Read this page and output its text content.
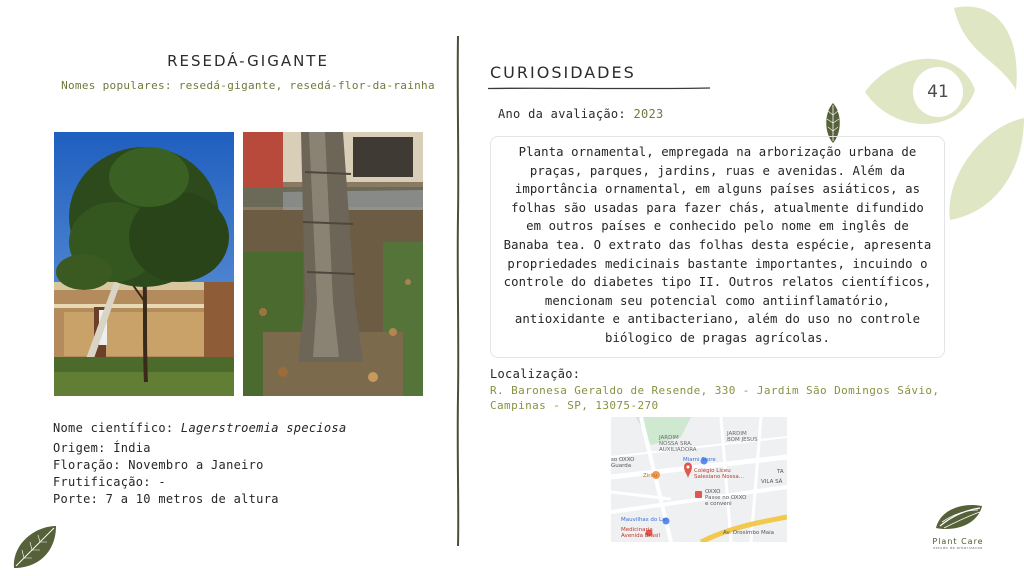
RESEDÁ-GIGANTE
Nomes populares: resedá-gigante, resedá-flor-da-rainha
Nome científico: Lagerstroemia speciosa
Origem: Índia
Floração: Novembro a Janeiro
Frutificação: -
Porte: 7 a 10 metros de altura
CURIOSIDADES
Ano da avaliação: 2023
Planta ornamental, empregada na arborização urbana de praças, parques, jardins, ruas e avenidas. Além da importância ornamental, em alguns países asiáticos, as folhas são usadas para fazer chás, atualmente difundido em outros países e conhecido pelo nome em inglês de Banaba tea. O extrato das folhas desta espécie, apresenta propriedades medicinais bastante importantes, incuindo o controle do diabetes tipo II. Outros relatos científicos, mencionam seu potencial como antiinflamatório, antioxidante e antibacteriano, além do uso no controle biólogico de pragas agrícolas.
Localização:
R. Baronesa Geraldo de Resende, 330 - Jardim São Domingos Sávio,
Campinas - SP, 13075-270
JARDIM
NOSSA SRA.
AUXILIADORA
JARDIM
BOM JESUS
Miami Store
so OXXO
Guarda
Colégio Liceu
Salesiano Nossa...
Zirilu
OXXO
Passe no OXXO
e conveni
VILA SÃ
TA
Mauvilhas do Lar
Medicinaria
Avenida Brasil	Av. Orosimbo Maia
41
Plant Care
estudo da arborizacao
